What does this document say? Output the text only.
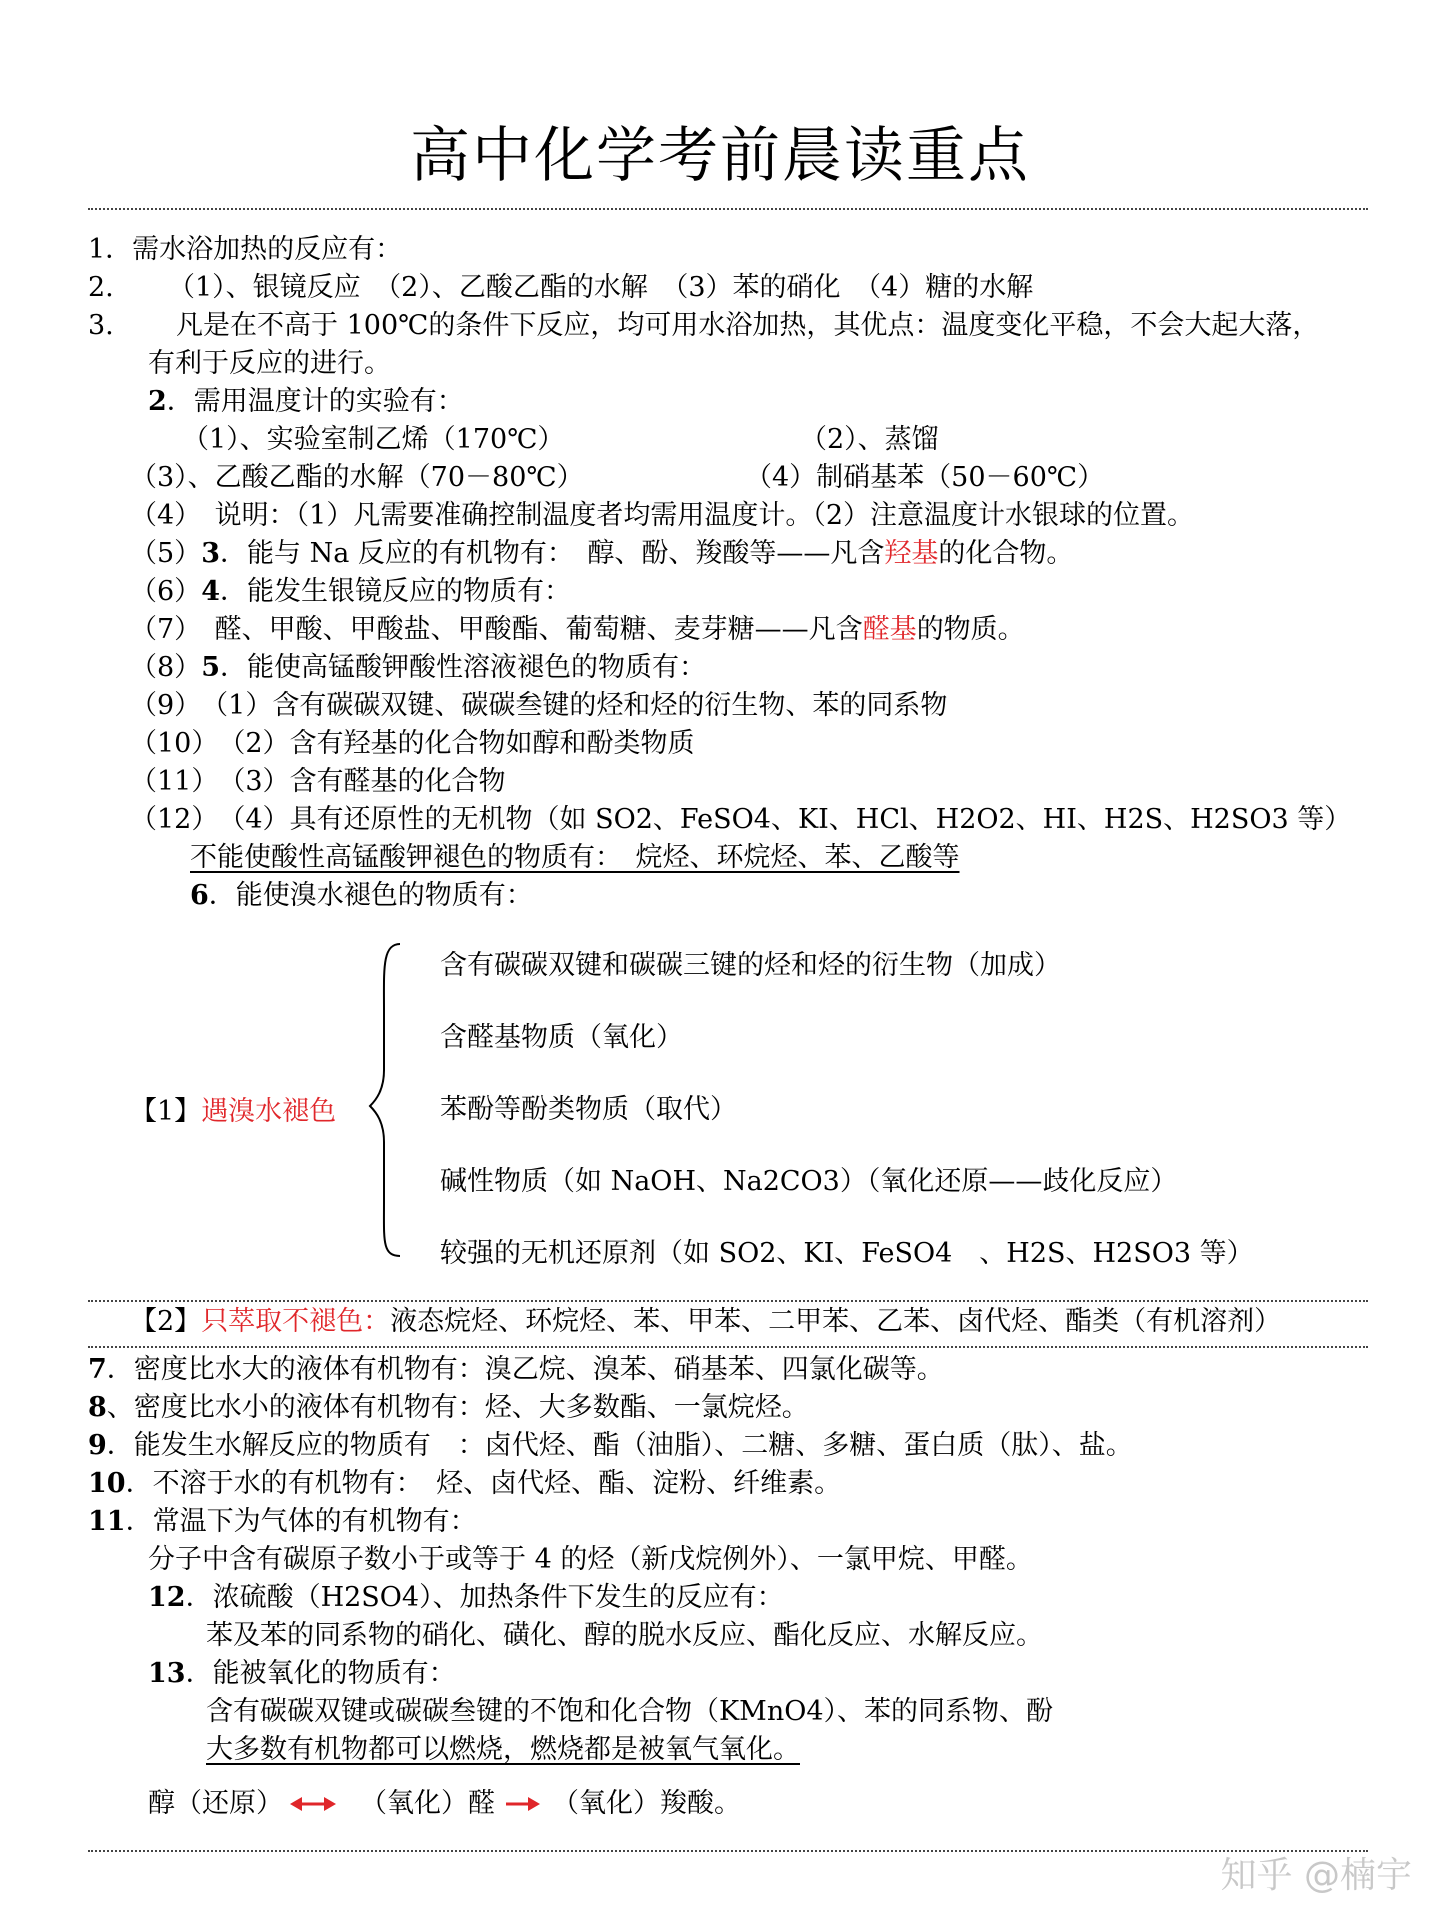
高中化学考前晨读重点
1．需水浴加热的反应有：
2. （1）、银镜反应　（2）、乙酸乙酯的水解　（3）苯的硝化　（4）糖的水解
3. 凡是在不高于 100℃的条件下反应，均可用水浴加热，其优点：温度变化平稳，不会大起大落，
有利于反应的进行。
2．需用温度计的实验有：
（1）、实验室制乙烯（170℃）	（2）、蒸馏
（3）、乙酸乙酯的水解（70－80℃）	（4）制硝基苯（50－60℃）
（4）　说明：（1）凡需要准确控制温度者均需用温度计。（2）注意温度计水银球的位置。
（5）3．能与 Na 反应的有机物有：　醇、酚、羧酸等——凡含羟基的化合物。
（6）4．能发生银镜反应的物质有：
（7）　醛、甲酸、甲酸盐、甲酸酯、葡萄糖、麦芽糖——凡含醛基的物质。
（8）5．能使高锰酸钾酸性溶液褪色的物质有：
（9）　（1）含有碳碳双键、碳碳叁键的烃和烃的衍生物、苯的同系物
（10）　（2）含有羟基的化合物如醇和酚类物质
（11）　（3）含有醛基的化合物
（12）　（4）具有还原性的无机物（如 SO2、FeSO4、KI、HCl、H2O2、HI、H2S、H2SO3 等）
不能使酸性高锰酸钾褪色的物质有：　烷烃、环烷烃、苯、乙酸等
6．能使溴水褪色的物质有：
【1】遇溴水褪色
含有碳碳双键和碳碳三键的烃和烃的衍生物（加成）
含醛基物质（氧化）
苯酚等酚类物质（取代）
碱性物质（如 NaOH、Na2CO3）（氧化还原——歧化反应）
较强的无机还原剂（如 SO2、KI、FeSO4　、H2S、H2SO3 等）
【2】只萃取不褪色：液态烷烃、环烷烃、苯、甲苯、二甲苯、乙苯、卤代烃、酯类（有机溶剂）
7．密度比水大的液体有机物有：溴乙烷、溴苯、硝基苯、四氯化碳等。
8、密度比水小的液体有机物有：烃、大多数酯、一氯烷烃。
9．能发生水解反应的物质有　：卤代烃、酯（油脂）、二糖、多糖、蛋白质（肽）、盐。
10．不溶于水的有机物有：　烃、卤代烃、酯、淀粉、纤维素。
11．常温下为气体的有机物有：
分子中含有碳原子数小于或等于 4 的烃（新戊烷例外）、一氯甲烷、甲醛。
12．浓硫酸（H2SO4）、加热条件下发生的反应有：
苯及苯的同系物的硝化、磺化、醇的脱水反应、酯化反应、水解反应。
13．能被氧化的物质有：
含有碳碳双键或碳碳叁键的不饱和化合物（KMnO4）、苯的同系物、酚
大多数有机物都可以燃烧，燃烧都是被氧气氧化。
醇（还原）	（氧化）醛 （氧化）羧酸。
知乎 @楠宇
